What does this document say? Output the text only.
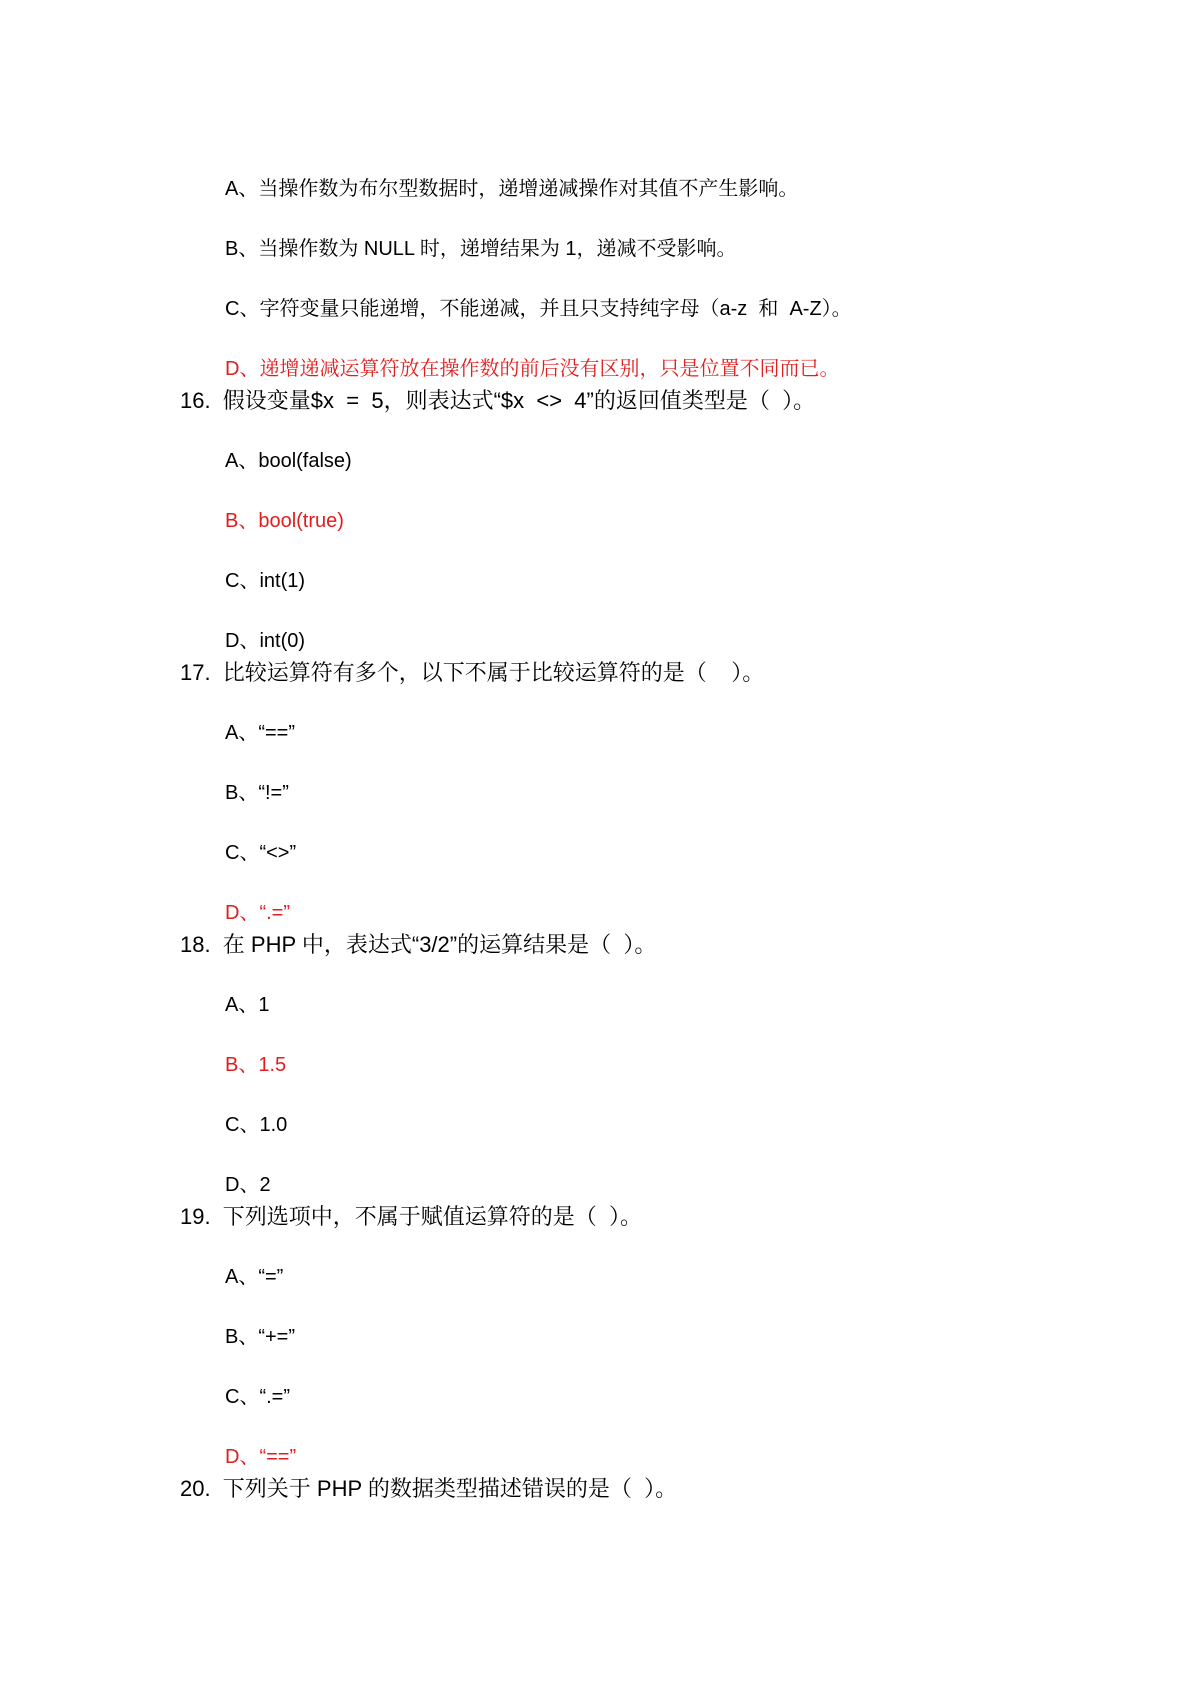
A、当操作数为布尔型数据时，递增递减操作对其值不产生影响。
B、当操作数为 NULL 时，递增结果为 1，递减不受影响。
C、字符变量只能递增，不能递减，并且只支持纯字母（a-z  和  A-Z）。
D、递增递减运算符放在操作数的前后没有区别，只是位置不同而已。
16.  假设变量$x  =  5，则表达式“$x  <>  4”的返回值类型是（  ）。
A、bool(false)
B、bool(true)
C、int(1)
D、int(0)
17.  比较运算符有多个，以下不属于比较运算符的是（    ）。
A、“==”
B、“!=”
C、“<>”
D、“.=”
18.  在 PHP 中，表达式“3/2”的运算结果是（  ）。
A、1
B、1.5
C、1.0
D、2
19.  下列选项中，不属于赋值运算符的是（  ）。
A、“=”
B、“+=”
C、“.=”
D、“==”
20.  下列关于 PHP 的数据类型描述错误的是（  ）。
